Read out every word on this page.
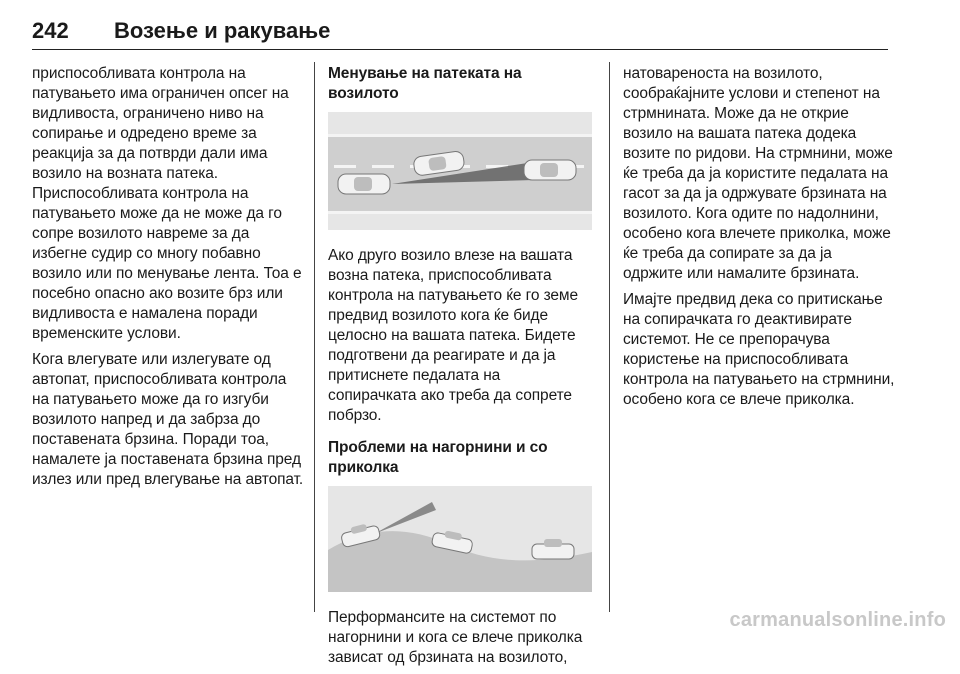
242	Возење и ракување

приспособливата контрола на патувањето има ограничен опсег на видливоста, ограничено ниво на сопирање и одредено време за реакција за да потврди дали има возило на возната патека. Приспособливата контрола на патувањето може да не може да го сопре возилото навреме за да избегне судир со многу побавно возило или по менување лента. Тоа е посебно опасно ако возите брз или видливоста е намалена поради временските услови.

Кога влегувате или излегувате од автопат, приспособливата контрола на патувањето може да го изгуби возилото напред и да забрза до поставената брзина. Поради тоа, намалете ја поставената брзина пред излез или пред влегување на автопат.

Менување на патеката на возилото

Ако друго возило влезе на вашата возна патека, приспособливата контрола на патувањето ќе го земе предвид возилото кога ќе биде целосно на вашата патека. Бидете подготвени да реагирате и да ја притиснете педалата на сопирачката ако треба да сопрете побрзо.

Проблеми на нагорнини и со приколка

Перформансите на системот по нагорнини и кога се влече приколка зависат од брзината на возилото,

натовареноста на возилото, сообраќајните услови и степенот на стрмнината. Може да не открие возило на вашата патека додека возите по ридови. На стрмнини, може ќе треба да ја користите педалата на гасот за да ја одржувате брзината на возилото. Кога одите по надолнини, особено кога влечете приколка, може ќе треба да сопирате за да ја одржите или намалите брзината.

Имајте предвид дека со притискање на сопирачката го деактивирате системот. Не се препорачува користење на приспособливата контрола на патувањето на стрмнини, особено кога се влече приколка.

carmanualsonline.info
